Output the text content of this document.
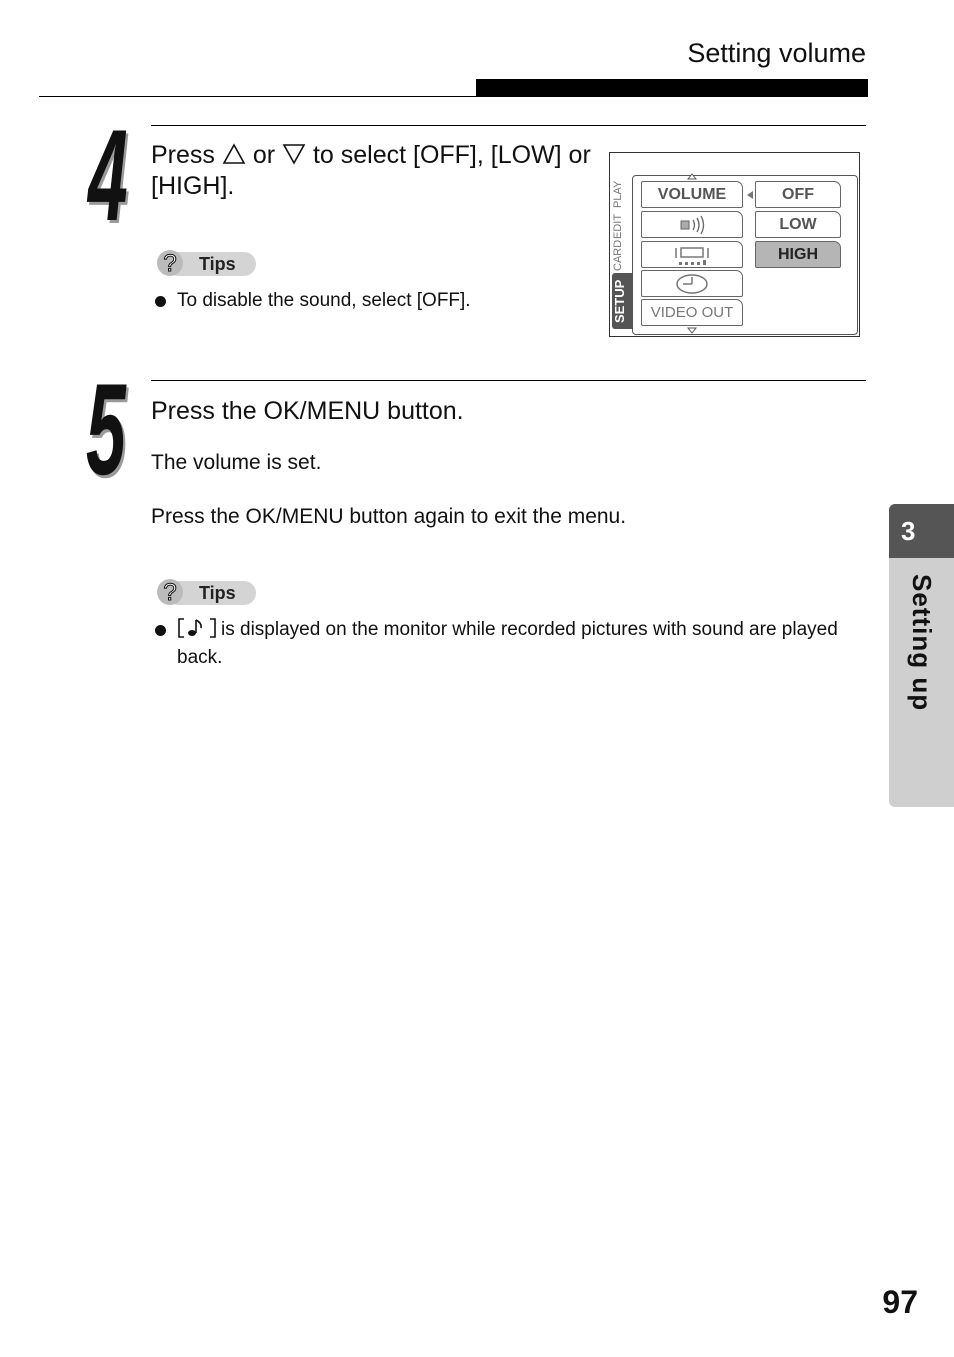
Setting volume
4 Press or to select [OFF], [LOW] or [HIGH].
? Tips
To disable the sound, select [OFF].
PLAY
EDIT
CARD
SETUP
VOLUME
VIDEO OUT
OFF
LOW
HIGH
5 Press the OK/MENU button.
The volume is set.
Press the OK/MENU button again to exit the menu.
? Tips
is displayed on the monitor while recorded pictures with sound are played back.
3
Setting up
97
